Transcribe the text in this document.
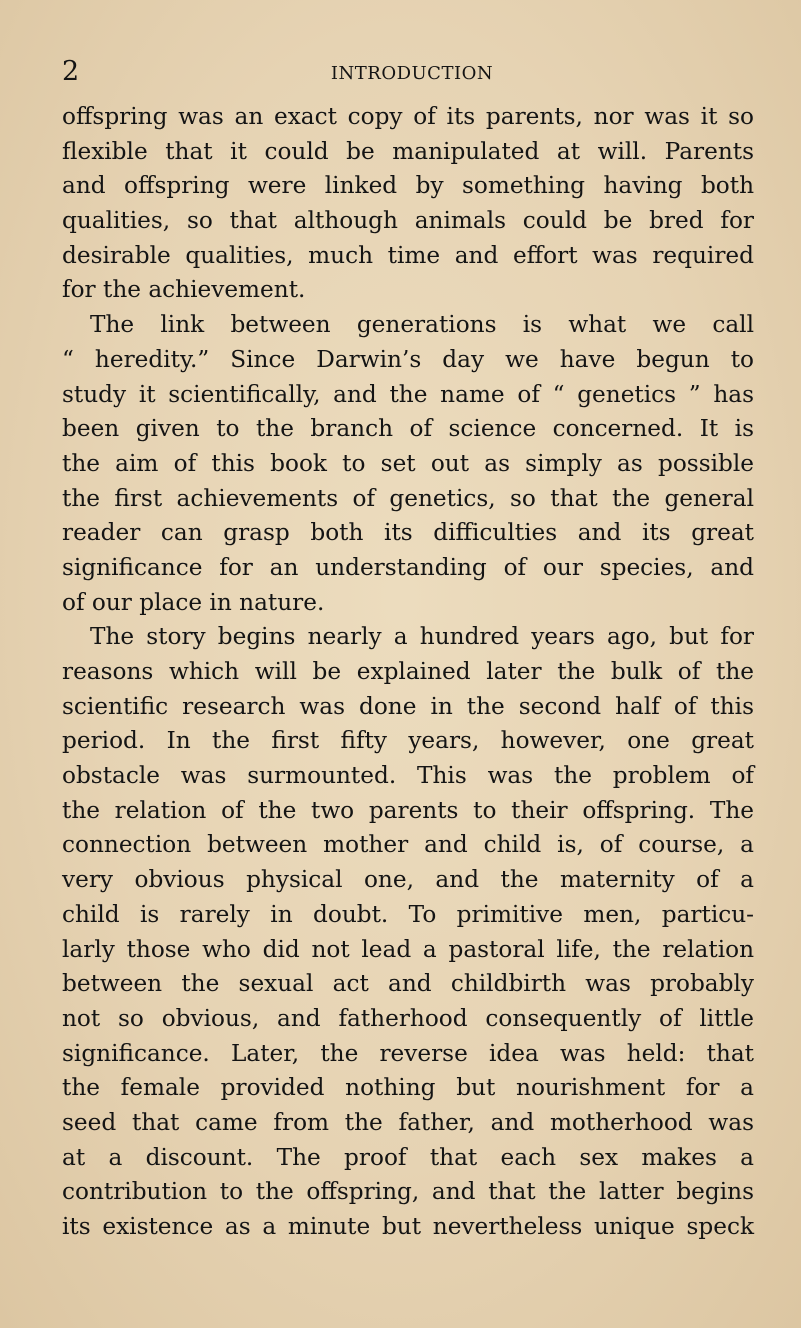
2	INTRODUCTION
offspring was an exact copy of its parents, nor was it so
flexible that it could be manipulated at will. Parents
and offspring were linked by something having both
qualities, so that although animals could be bred for
desirable qualities, much time and effort was required
for the achievement.
The link between generations is what we call
“ heredity.” Since Darwin’s day we have begun to
study it scientifically, and the name of “ genetics ” has
been given to the branch of science concerned. It is
the aim of this book to set out as simply as possible
the first achievements of genetics, so that the general
reader can grasp both its difficulties and its great
significance for an understanding of our species, and
of our place in nature.
The story begins nearly a hundred years ago, but for
reasons which will be explained later the bulk of the
scientific research was done in the second half of this
period. In the first fifty years, however, one great
obstacle was surmounted. This was the problem of
the relation of the two parents to their offspring. The
connection between mother and child is, of course, a
very obvious physical one, and the maternity of a
child is rarely in doubt. To primitive men, particu-
larly those who did not lead a pastoral life, the relation
between the sexual act and childbirth was probably
not so obvious, and fatherhood consequently of little
significance. Later, the reverse idea was held: that
the female provided nothing but nourishment for a
seed that came from the father, and motherhood was
at a discount. The proof that each sex makes a
contribution to the offspring, and that the latter begins
its existence as a minute but nevertheless unique speck
